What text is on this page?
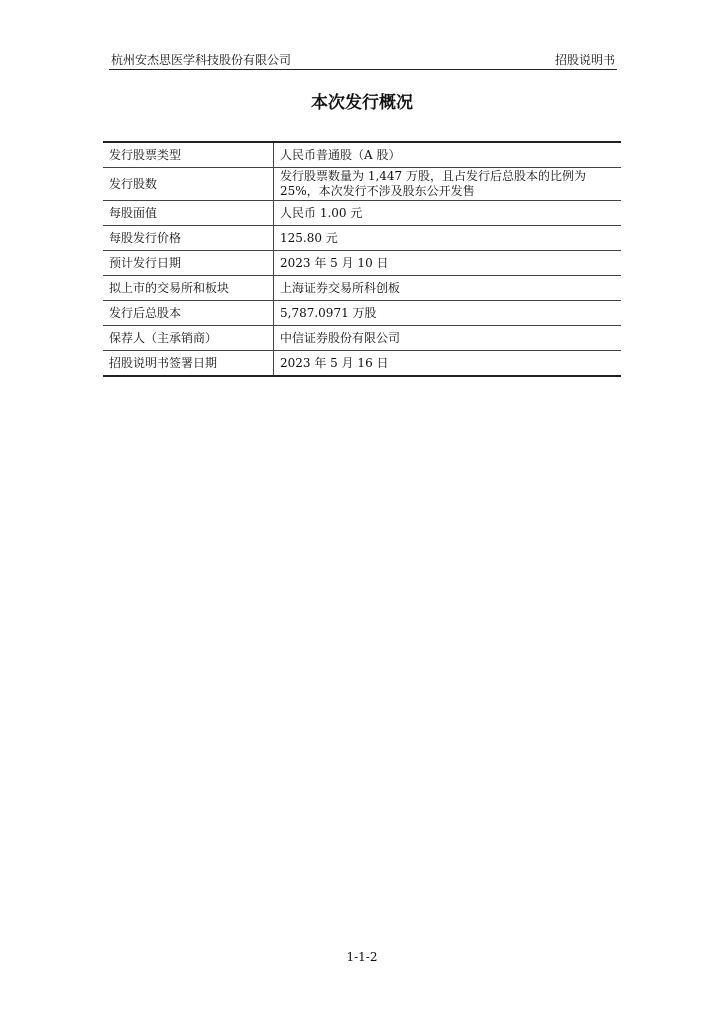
杭州安杰思医学科技股份有限公司	招股说明书
本次发行概况
发行股票类型	人民币普通股（A 股）
发行股数	发行股票数量为 1,447 万股，且占发行后总股本的比例为 25%，本次发行不涉及股东公开发售
每股面值	人民币 1.00 元
每股发行价格	125.80 元
预计发行日期	2023 年 5 月 10 日
拟上市的交易所和板块	上海证券交易所科创板
发行后总股本	5,787.0971 万股
保荐人（主承销商）	中信证券股份有限公司
招股说明书签署日期	2023 年 5 月 16 日
1-1-2
